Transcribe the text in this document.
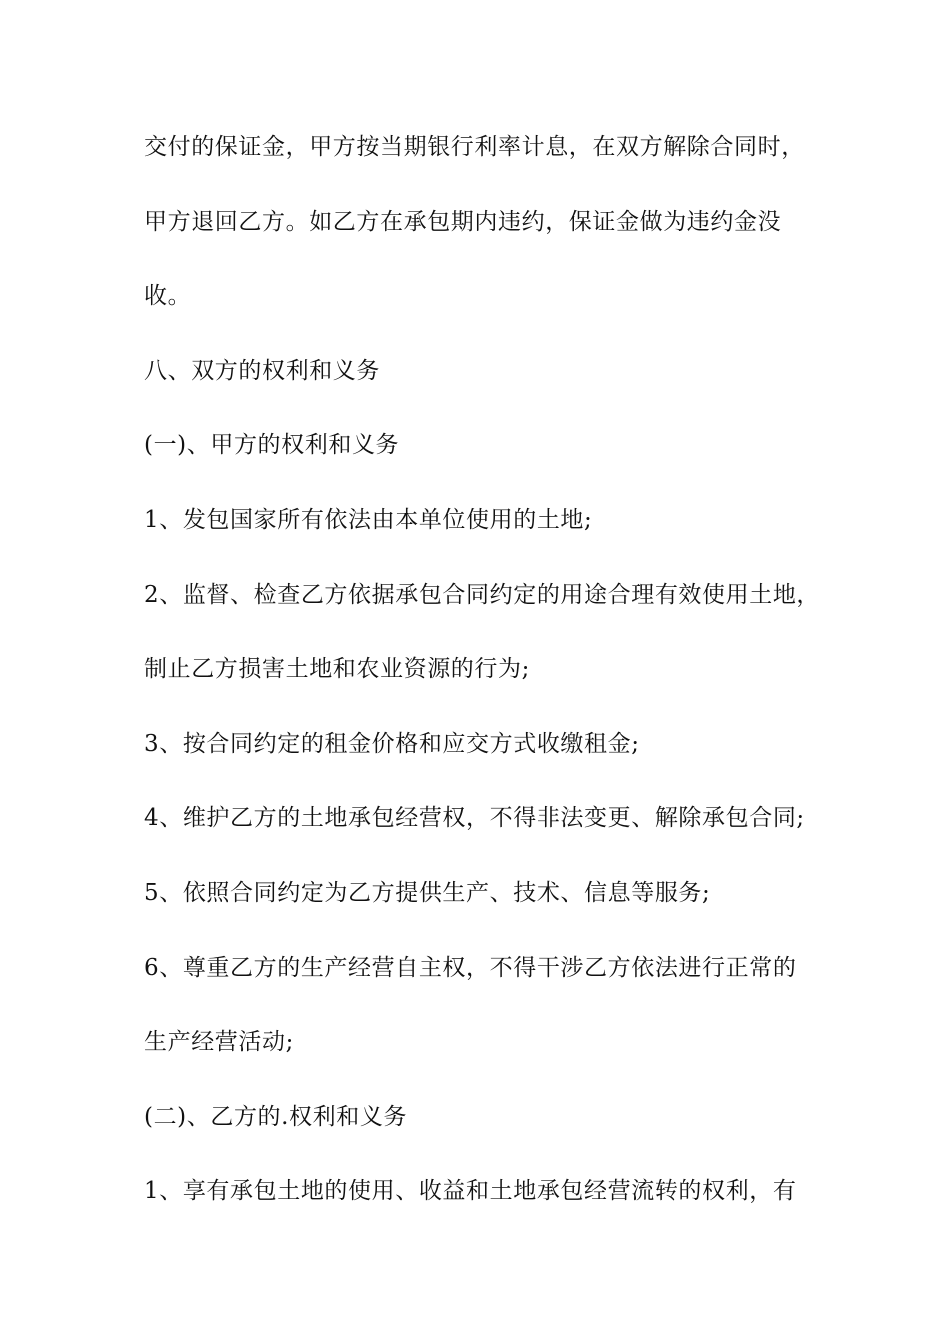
交付的保证金，甲方按当期银行利率计息，在双方解除合同时，
甲方退回乙方。如乙方在承包期内违约，保证金做为违约金没
收。
八、双方的权利和义务
(一)、甲方的权利和义务
1、发包国家所有依法由本单位使用的土地;
2、监督、检查乙方依据承包合同约定的用途合理有效使用土地，
制止乙方损害土地和农业资源的行为;
3、按合同约定的租金价格和应交方式收缴租金;
4、维护乙方的土地承包经营权，不得非法变更、解除承包合同;
5、依照合同约定为乙方提供生产、技术、信息等服务;
6、尊重乙方的生产经营自主权，不得干涉乙方依法进行正常的
生产经营活动;
(二)、乙方的.权利和义务
1、享有承包土地的使用、收益和土地承包经营流转的权利，有
